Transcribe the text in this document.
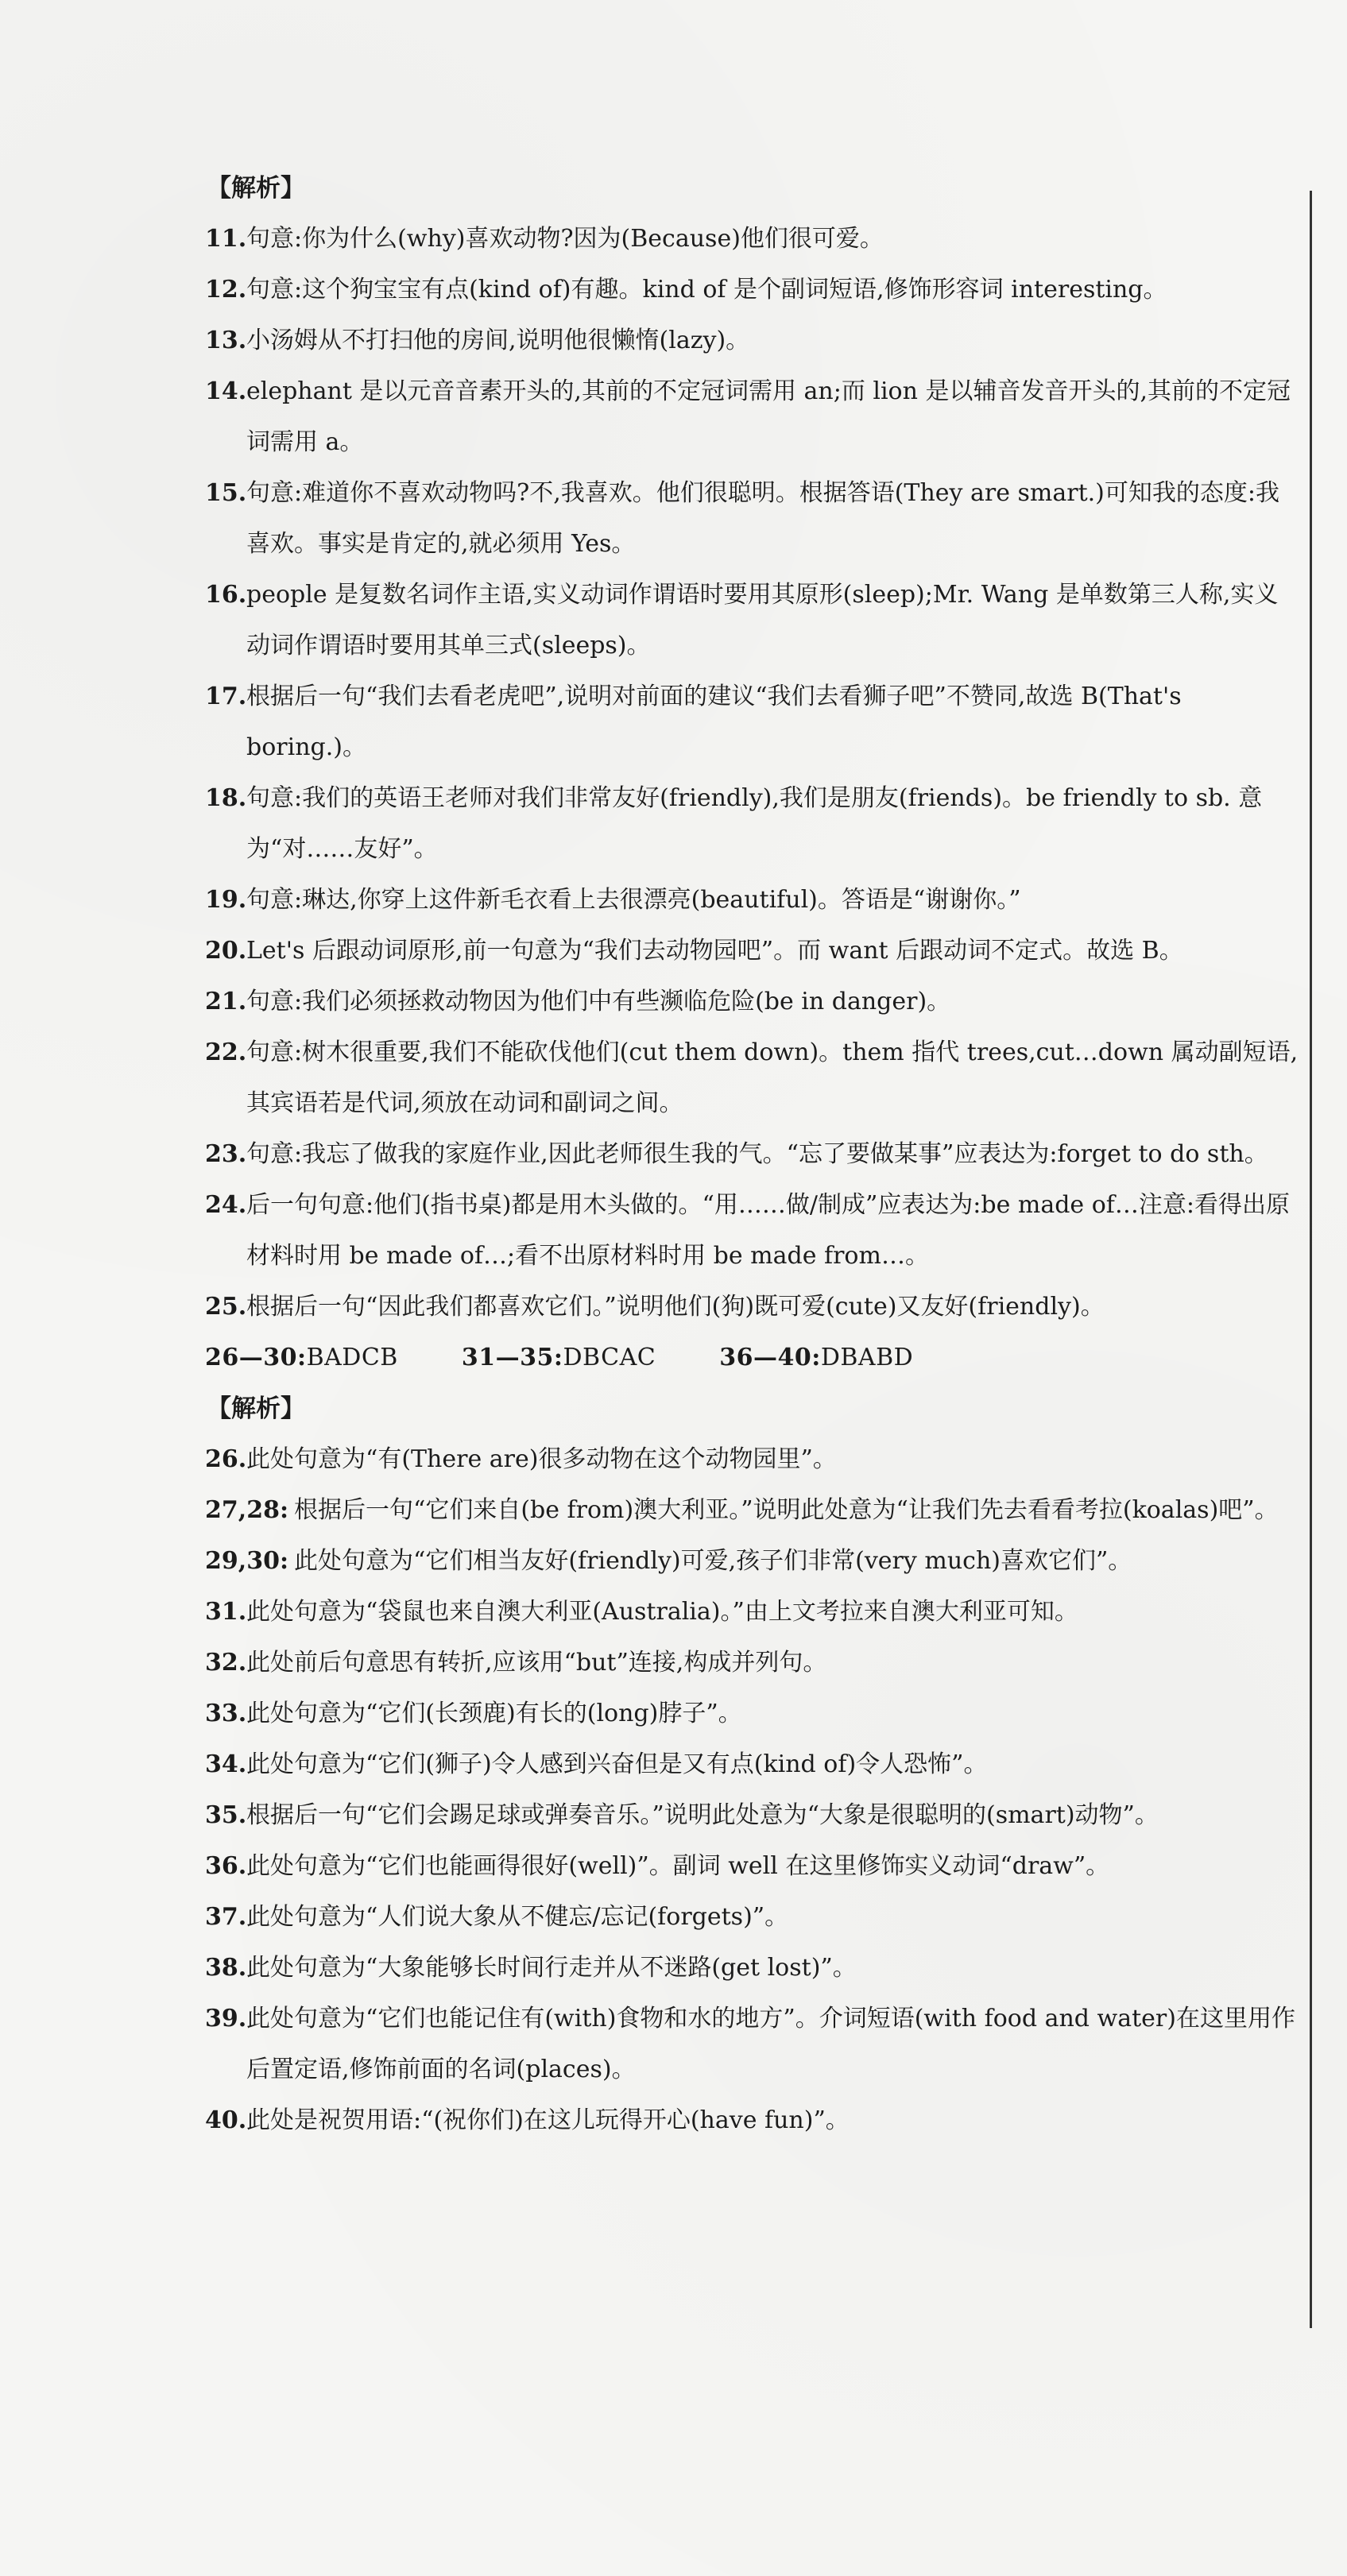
【解析】
11. 句意:你为什么(why)喜欢动物?因为(Because)他们很可爱。
12. 句意:这个狗宝宝有点(kind of)有趣。kind of 是个副词短语,修饰形容词 interesting。
13. 小汤姆从不打扫他的房间,说明他很懒惰(lazy)。
14. elephant 是以元音音素开头的,其前的不定冠词需用 an;而 lion 是以辅音发音开头的,其前的不定冠词需用 a。
15. 句意:难道你不喜欢动物吗?不,我喜欢。他们很聪明。根据答语(They are smart.)可知我的态度:我喜欢。事实是肯定的,就必须用 Yes。
16. people 是复数名词作主语,实义动词作谓语时要用其原形(sleep);Mr. Wang 是单数第三人称,实义动词作谓语时要用其单三式(sleeps)。
17. 根据后一句“我们去看老虎吧”,说明对前面的建议“我们去看狮子吧”不赞同,故选 B(That's boring.)。
18. 句意:我们的英语王老师对我们非常友好(friendly),我们是朋友(friends)。be friendly to sb. 意为“对……友好”。
19. 句意:琳达,你穿上这件新毛衣看上去很漂亮(beautiful)。答语是“谢谢你。”
20. Let's 后跟动词原形,前一句意为“我们去动物园吧”。而 want 后跟动词不定式。故选 B。
21. 句意:我们必须拯救动物因为他们中有些濒临危险(be in danger)。
22. 句意:树木很重要,我们不能砍伐他们(cut them down)。them 指代 trees,cut…down 属动副短语,其宾语若是代词,须放在动词和副词之间。
23. 句意:我忘了做我的家庭作业,因此老师很生我的气。“忘了要做某事”应表达为:forget to do sth。
24. 后一句句意:他们(指书桌)都是用木头做的。“用……做/制成”应表达为:be made of…注意:看得出原材料时用 be made of…;看不出原材料时用 be made from…。
25. 根据后一句“因此我们都喜欢它们。”说明他们(狗)既可爱(cute)又友好(friendly)。
26—30:BADCB	31—35:DBCAC	36—40:DBABD
【解析】
26. 此处句意为“有(There are)很多动物在这个动物园里”。
27,28: 根据后一句“它们来自(be from)澳大利亚。”说明此处意为“让我们先去看看考拉(koalas)吧”。
29,30: 此处句意为“它们相当友好(friendly)可爱,孩子们非常(very much)喜欢它们”。
31. 此处句意为“袋鼠也来自澳大利亚(Australia)。”由上文考拉来自澳大利亚可知。
32. 此处前后句意思有转折,应该用“but”连接,构成并列句。
33. 此处句意为“它们(长颈鹿)有长的(long)脖子”。
34. 此处句意为“它们(狮子)令人感到兴奋但是又有点(kind of)令人恐怖”。
35. 根据后一句“它们会踢足球或弹奏音乐。”说明此处意为“大象是很聪明的(smart)动物”。
36. 此处句意为“它们也能画得很好(well)”。副词 well 在这里修饰实义动词“draw”。
37. 此处句意为“人们说大象从不健忘/忘记(forgets)”。
38. 此处句意为“大象能够长时间行走并从不迷路(get lost)”。
39. 此处句意为“它们也能记住有(with)食物和水的地方”。介词短语(with food and water)在这里用作后置定语,修饰前面的名词(places)。
40. 此处是祝贺用语:“(祝你们)在这儿玩得开心(have fun)”。
